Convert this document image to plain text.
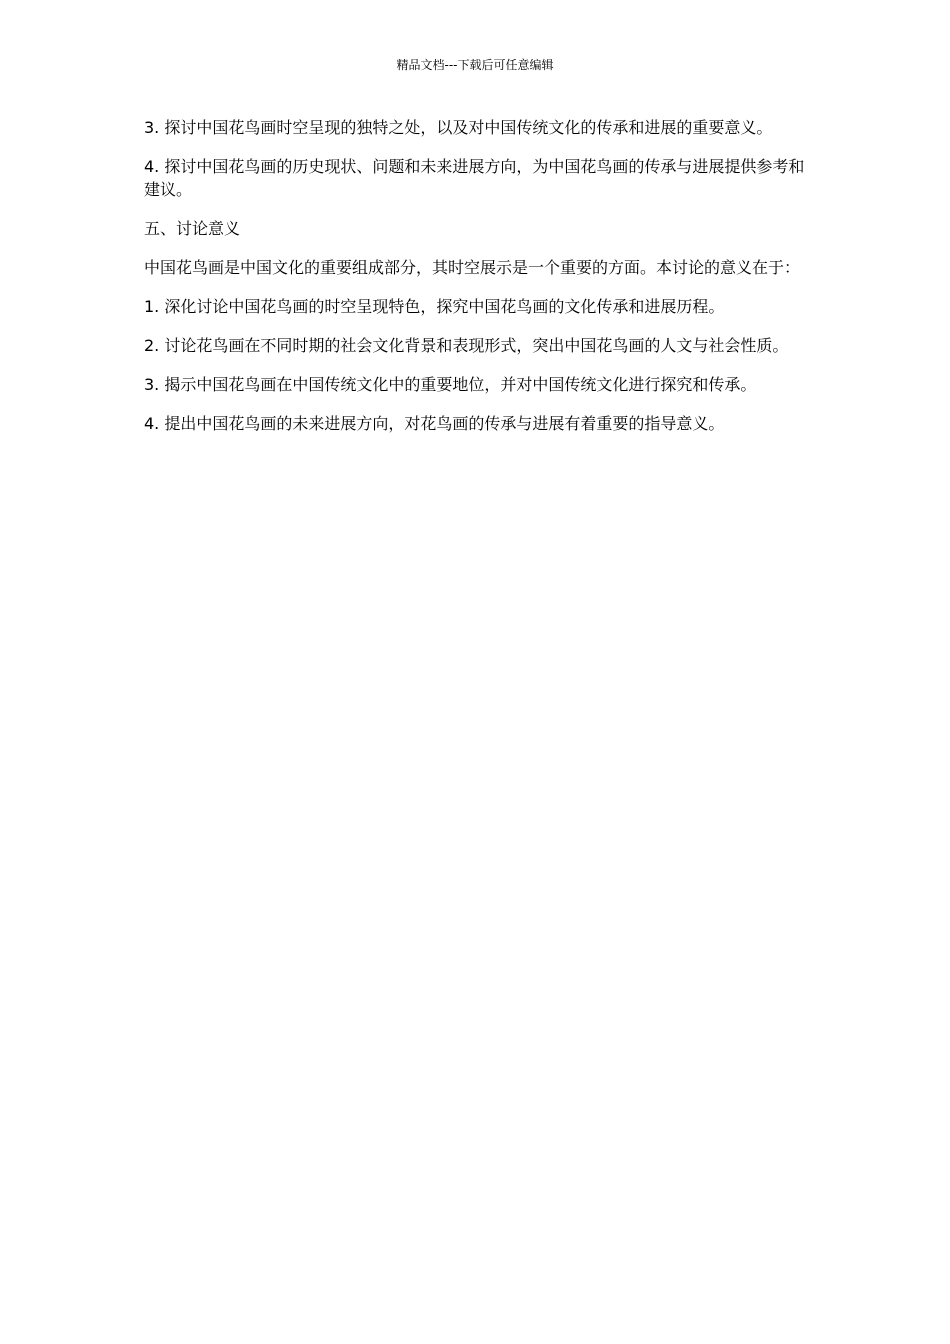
精品文档---下载后可任意编辑

3. 探讨中国花鸟画时空呈现的独特之处，以及对中国传统文化的传承和进展的重要意义。

4. 探讨中国花鸟画的历史现状、问题和未来进展方向，为中国花鸟画的传承与进展提供参考和建议。

五、讨论意义

中国花鸟画是中国文化的重要组成部分，其时空展示是一个重要的方面。本讨论的意义在于：

1. 深化讨论中国花鸟画的时空呈现特色，探究中国花鸟画的文化传承和进展历程。

2. 讨论花鸟画在不同时期的社会文化背景和表现形式，突出中国花鸟画的人文与社会性质。

3. 揭示中国花鸟画在中国传统文化中的重要地位，并对中国传统文化进行探究和传承。

4. 提出中国花鸟画的未来进展方向，对花鸟画的传承与进展有着重要的指导意义。
